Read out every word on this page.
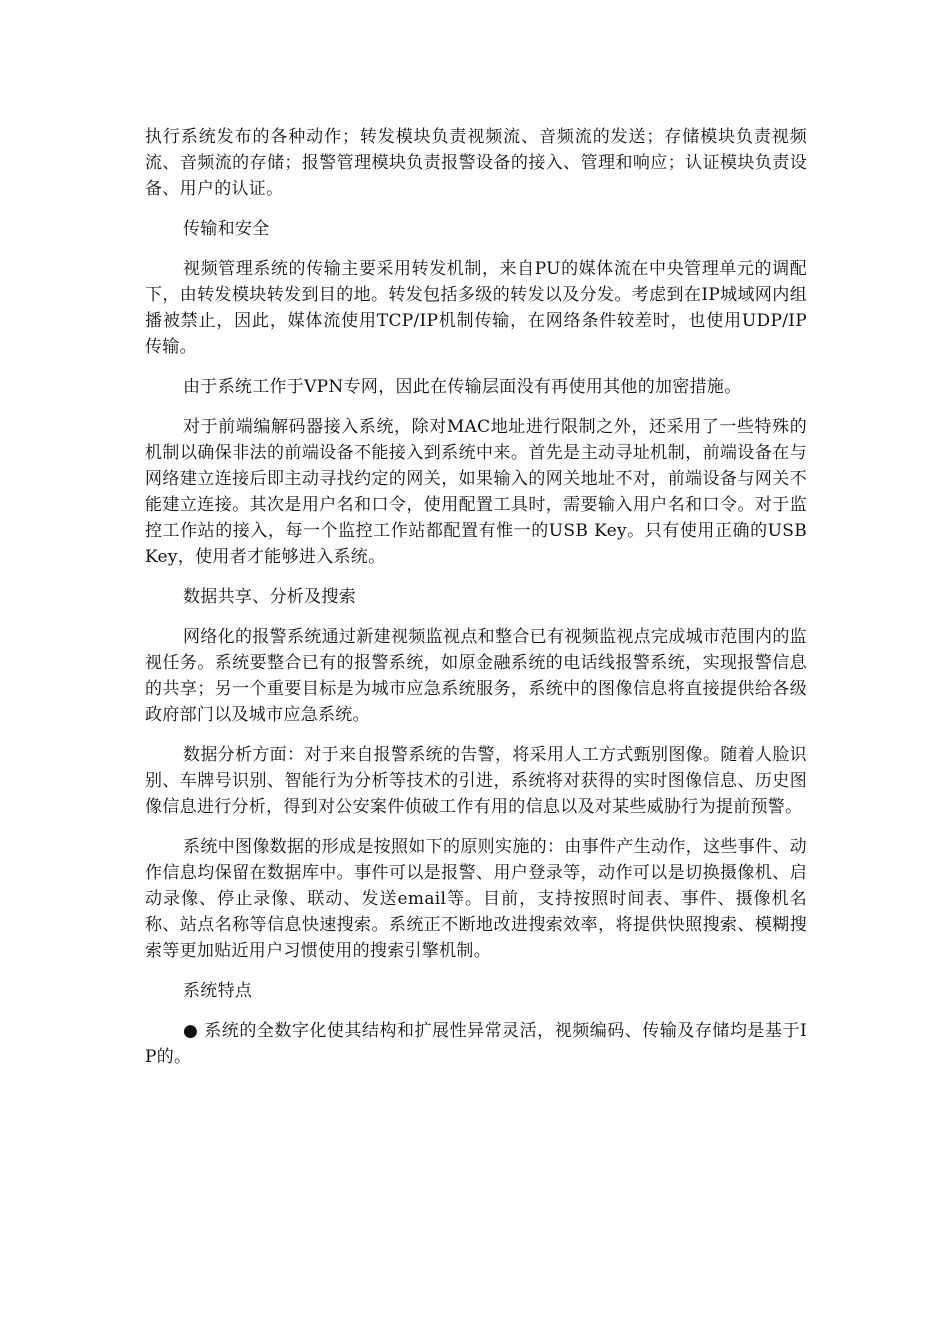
执行系统发布的各种动作；转发模块负责视频流、音频流的发送；存储模块负责视频流、音频流的存储；报警管理模块负责报警设备的接入、管理和响应；认证模块负责设备、用户的认证。

传输和安全

视频管理系统的传输主要采用转发机制，来自PU的媒体流在中央管理单元的调配下，由转发模块转发到目的地。转发包括多级的转发以及分发。考虑到在IP城域网内组播被禁止，因此，媒体流使用TCP/IP机制传输，在网络条件较差时，也使用UDP/IP传输。

由于系统工作于VPN专网，因此在传输层面没有再使用其他的加密措施。

对于前端编解码器接入系统，除对MAC地址进行限制之外，还采用了一些特殊的机制以确保非法的前端设备不能接入到系统中来。首先是主动寻址机制，前端设备在与网络建立连接后即主动寻找约定的网关，如果输入的网关地址不对，前端设备与网关不能建立连接。其次是用户名和口令，使用配置工具时，需要输入用户名和口令。对于监控工作站的接入，每一个监控工作站都配置有惟一的USB Key。只有使用正确的USB Key，使用者才能够进入系统。

数据共享、分析及搜索

网络化的报警系统通过新建视频监视点和整合已有视频监视点完成城市范围内的监视任务。系统要整合已有的报警系统，如原金融系统的电话线报警系统，实现报警信息的共享；另一个重要目标是为城市应急系统服务，系统中的图像信息将直接提供给各级政府部门以及城市应急系统。

数据分析方面：对于来自报警系统的告警，将采用人工方式甄别图像。随着人脸识别、车牌号识别、智能行为分析等技术的引进，系统将对获得的实时图像信息、历史图像信息进行分析，得到对公安案件侦破工作有用的信息以及对某些威胁行为提前预警。

系统中图像数据的形成是按照如下的原则实施的：由事件产生动作，这些事件、动作信息均保留在数据库中。事件可以是报警、用户登录等，动作可以是切换摄像机、启动录像、停止录像、联动、发送email等。目前，支持按照时间表、事件、摄像机名称、站点名称等信息快速搜索。系统正不断地改进搜索效率，将提供快照搜索、模糊搜索等更加贴近用户习惯使用的搜索引擎机制。

系统特点

● 系统的全数字化使其结构和扩展性异常灵活，视频编码、传输及存储均是基于IP的。
